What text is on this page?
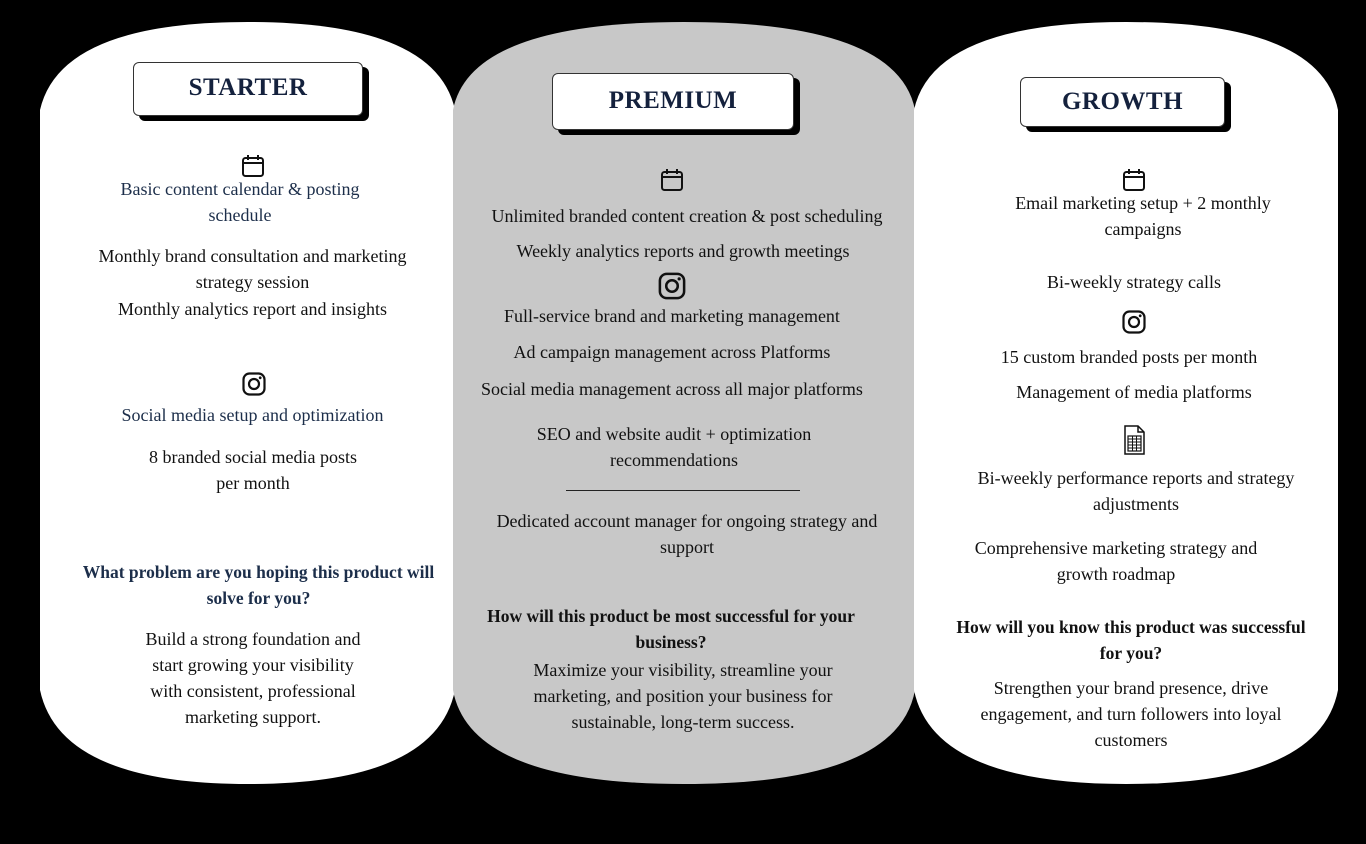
STARTER
Basic content calendar & posting
schedule
Monthly brand consultation and marketing
strategy session
Monthly analytics report and insights
Social media setup and optimization
8 branded social media posts
per month
What problem are you hoping this product will
solve for you?
Build a strong foundation and
start growing your visibility
with consistent, professional
marketing support.
PREMIUM
Unlimited branded content creation & post scheduling
Weekly analytics reports and growth meetings
Full-service brand and marketing management
Ad campaign management across Platforms
Social media management across all major platforms
SEO and website audit + optimization
recommendations
Dedicated account manager for ongoing strategy and
support
How will this product be most successful for your
business?
Maximize your visibility, streamline your
marketing, and position your business for
sustainable, long-term success.
GROWTH
Email marketing setup + 2 monthly
campaigns
Bi-weekly strategy calls
15 custom branded posts per month
Management of media platforms
Bi-weekly performance reports and strategy
adjustments
Comprehensive marketing strategy and
growth roadmap
How will you know this product was successful
for you?
Strengthen your brand presence, drive
engagement, and turn followers into loyal
customers
